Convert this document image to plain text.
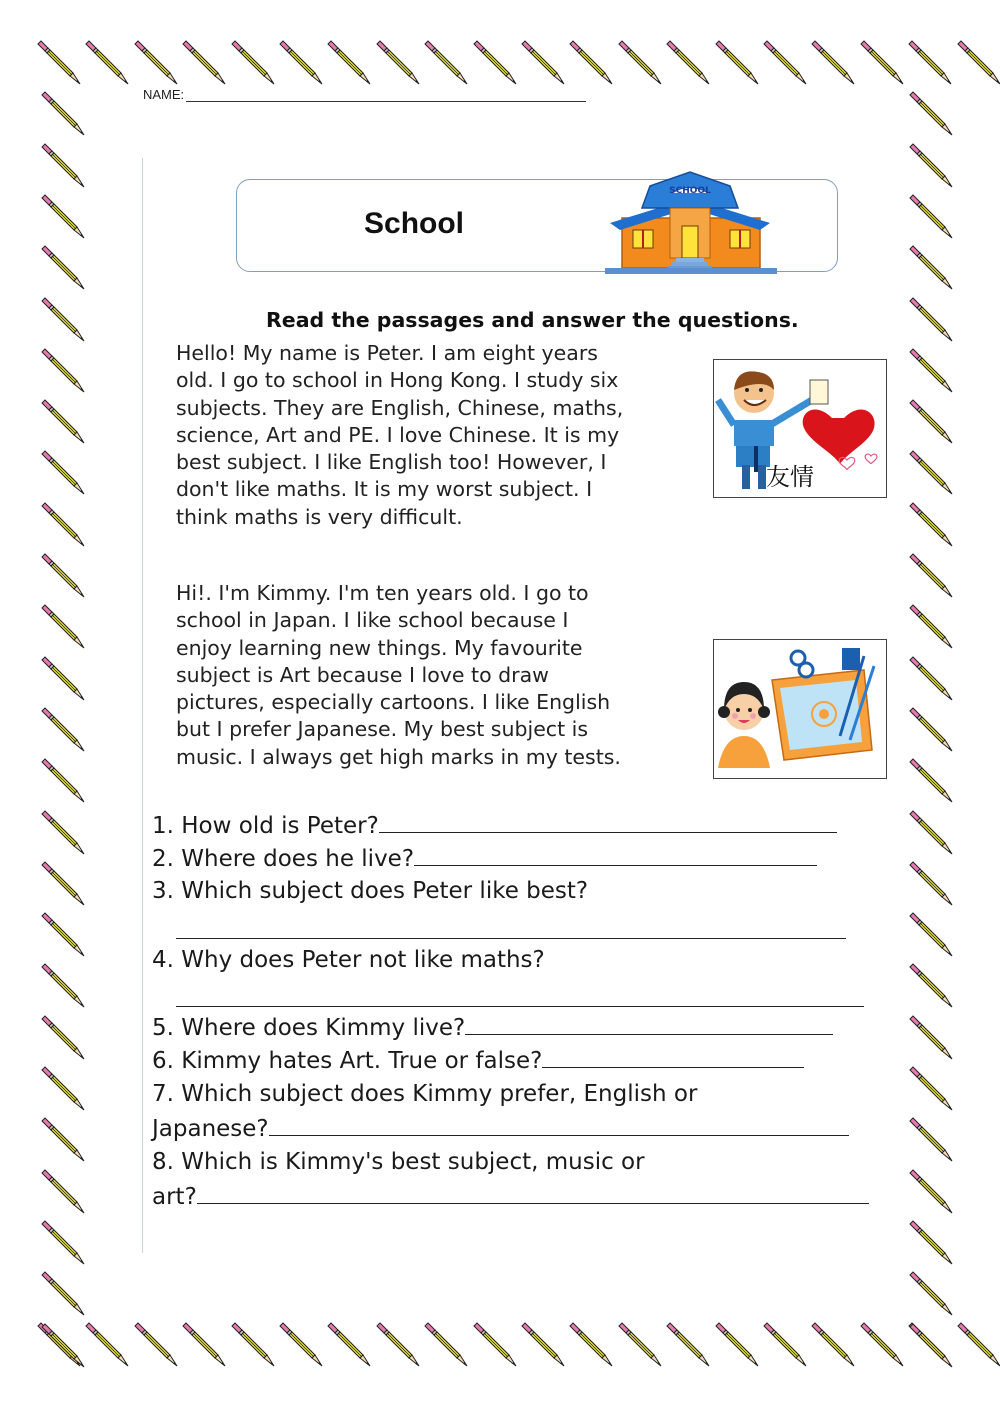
NAME:
School
SCHOOL
Read the passages and answer the questions.
Hello! My name is Peter. I am eight years
old. I go to school in Hong Kong. I study six
subjects. They are English, Chinese, maths,
science, Art and PE. I love Chinese. It is my
best subject. I like English too! However, I
don't like maths. It is my worst subject. I
think maths is very difficult.
友情
Hi!. I'm Kimmy. I'm ten years old. I go to
school in Japan. I like school because I
enjoy learning new things. My favourite
subject is Art because I love to draw
pictures, especially cartoons. I like English
but I prefer Japanese. My best subject is
music. I always get high marks in my tests.
1. How old is Peter?
2. Where does he live?
3. Which subject does Peter like best?
4. Why does Peter not like maths?
5. Where does Kimmy live?
6. Kimmy hates Art. True or false?
7. Which subject does Kimmy prefer, English or
Japanese?
8. Which is Kimmy's best subject, music or
art?
